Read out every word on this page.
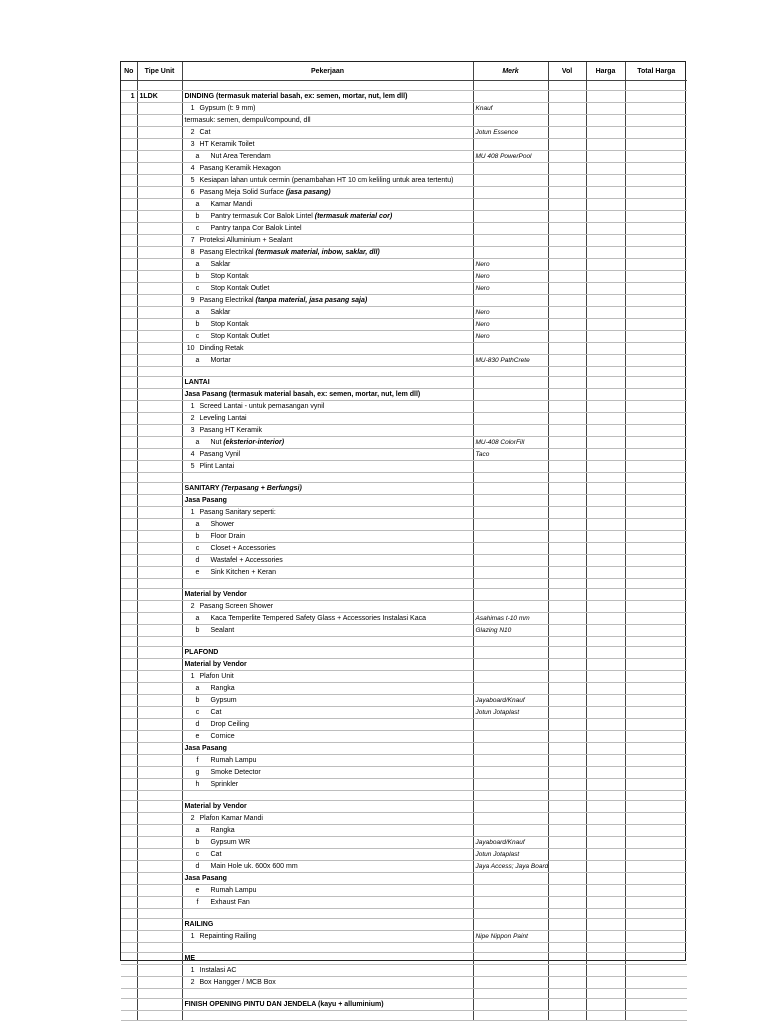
No	Tipe Unit	Pekerjaan	Merk	Vol	Harga	Total Harga

1	1LDK	DINDING (termasuk material basah, ex: semen, mortar, nut, lem dll)				
		1 Gypsum (t: 9 mm)	Knauf			
		termasuk: semen, dempul/compound, dll				
		2 Cat	Jotun Essence			
		3 HT Keramik Toilet				
		a Nut Area Terendam	MU 408 PowerPool			
		4 Pasang Keramik Hexagon				
		5 Kesiapan lahan untuk cermin (penambahan HT 10 cm keliling untuk area tertentu)				
		6 Pasang Meja Solid Surface (jasa pasang)				
		a Kamar Mandi				
		b Pantry termasuk Cor Balok Lintel (termasuk material cor)				
		c Pantry tanpa Cor Balok Lintel				
		7 Proteksi Alluminium + Sealant				
		8 Pasang Electrikal (termasuk material, inbow, saklar, dll)				
		a Saklar	Nero			
		b Stop Kontak	Nero			
		c Stop Kontak Outlet	Nero			
		9 Pasang Electrikal (tanpa material, jasa pasang saja)				
		a Saklar	Nero			
		b Stop Kontak	Nero			
		c Stop Kontak Outlet	Nero			
		10 Dinding Retak				
		a Mortar	MU-830 PathCrete			

		LANTAI				
		Jasa Pasang (termasuk material basah, ex: semen, mortar, nut, lem dll)				
		1 Screed Lantai - untuk pemasangan vynil				
		2 Leveling Lantai				
		3 Pasang HT Keramik				
		a Nut (eksterior-interior)	MU-408 ColorFill			
		4 Pasang Vynil	Taco			
		5 Plint Lantai				

		SANITARY (Terpasang + Berfungsi)				
		Jasa Pasang				
		1 Pasang Sanitary seperti:				
		a Shower				
		b Floor Drain				
		c Closet + Accessories				
		d Wastafel + Accessories				
		e Sink Kitchen + Keran				

		Material by Vendor				
		2 Pasang Screen Shower				
		a Kaca Temperlite Tempered Safety Glass + Accessories Instalasi Kaca	Asahimas t-10 mm			
		b Sealant	Glazing N10			

		PLAFOND				
		Material by Vendor				
		1 Plafon Unit				
		a Rangka				
		b Gypsum	Jayaboard/Knauf			
		c Cat	Jotun Jotaplast			
		d Drop Ceiling				
		e Cornice				
		Jasa Pasang				
		f Rumah Lampu				
		g Smoke Detector				
		h Sprinkler				

		Material by Vendor				
		2 Plafon Kamar Mandi				
		a Rangka				
		b Gypsum WR	Jayaboard/Knauf			
		c Cat	Jotun Jotaplast			
		d Main Hole uk. 600x 600 mm	Jaya Access; Jaya Board			
		Jasa Pasang				
		e Rumah Lampu				
		f Exhaust Fan				

		RAILING				
		1 Repainting Railing	Nipe Nippon Paint			

		ME				
		1 Instalasi AC				
		2 Box Hangger / MCB Box				

		FINISH OPENING PINTU DAN JENDELA (kayu + alluminium)				
